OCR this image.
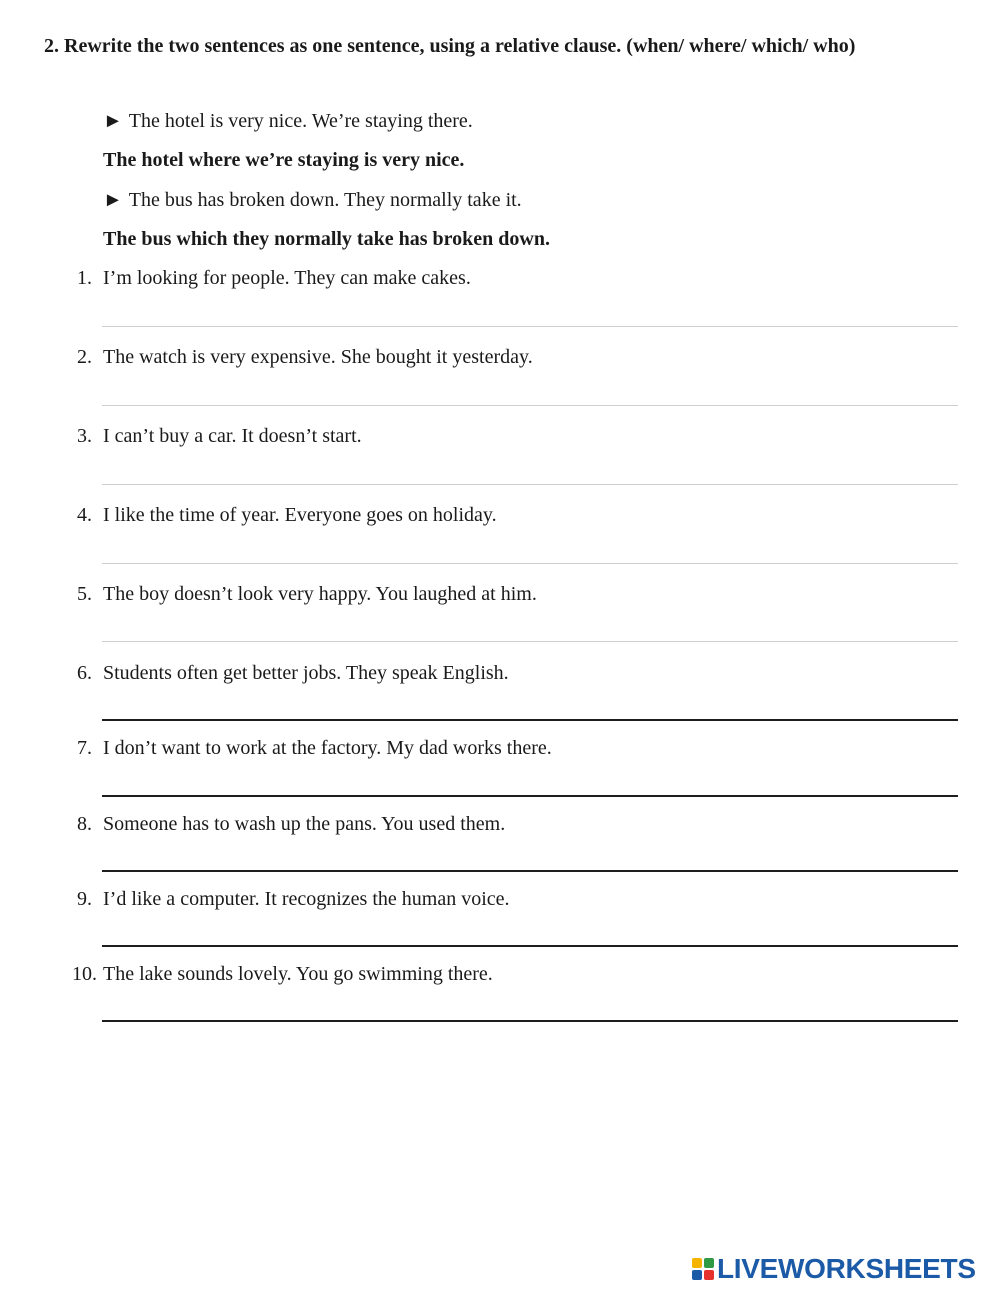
2. Rewrite the two sentences as one sentence, using a relative clause. (when/ where/ which/ who)

► The hotel is very nice. We’re staying there.
The hotel where we’re staying is very nice.
► The bus has broken down. They normally take it.
The bus which they normally take has broken down.
1. I’m looking for people. They can make cakes.
2. The watch is very expensive. She bought it yesterday.
3. I can’t buy a car. It doesn’t start.
4. I like the time of year. Everyone goes on holiday.
5. The boy doesn’t look very happy. You laughed at him.
6. Students often get better jobs. They speak English.
7. I don’t want to work at the factory. My dad works there.
8. Someone has to wash up the pans. You used them.
9. I’d like a computer. It recognizes the human voice.
10. The lake sounds lovely. You go swimming there.
LIVEWORKSHEETS
